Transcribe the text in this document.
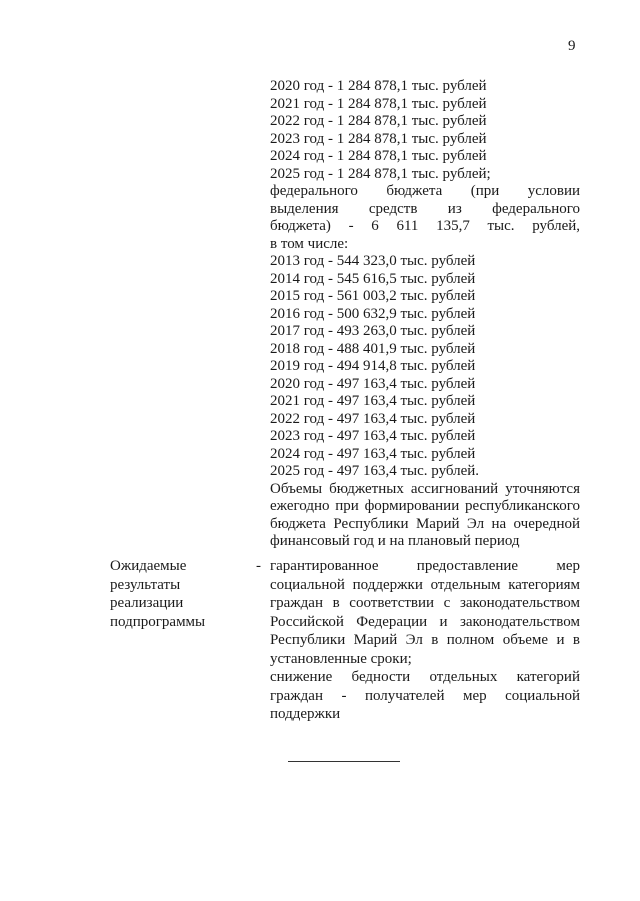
9
2020 год - 1 284 878,1 тыс. рублей
2021 год - 1 284 878,1 тыс. рублей
2022 год - 1 284 878,1 тыс. рублей
2023 год - 1 284 878,1 тыс. рублей
2024 год - 1 284 878,1 тыс. рублей
2025 год - 1 284 878,1 тыс. рублей;
федерального бюджета (при условии
выделения средств из федерального
бюджета) - 6 611 135,7 тыс. рублей,
в том числе:
2013 год - 544 323,0 тыс. рублей
2014 год - 545 616,5 тыс. рублей
2015 год - 561 003,2 тыс. рублей
2016 год - 500 632,9 тыс. рублей
2017 год - 493 263,0 тыс. рублей
2018 год - 488 401,9 тыс. рублей
2019 год - 494 914,8 тыс. рублей
2020 год - 497 163,4 тыс. рублей
2021 год - 497 163,4 тыс. рублей
2022 год - 497 163,4 тыс. рублей
2023 год - 497 163,4 тыс. рублей
2024 год - 497 163,4 тыс. рублей
2025 год - 497 163,4 тыс. рублей.
Объемы бюджетных ассигнований уточняются ежегодно при формировании республиканского бюджета Республики Марий Эл на очередной финансовый год и на плановый период
Ожидаемые результаты реализации подпрограммы
- гарантированное предоставление мер социальной поддержки отдельным категориям граждан в соответствии с законодательством Российской Федерации и законодательством Республики Марий Эл в полном объеме и в установленные сроки;
снижение бедности отдельных категорий граждан - получателей мер социальной поддержки
